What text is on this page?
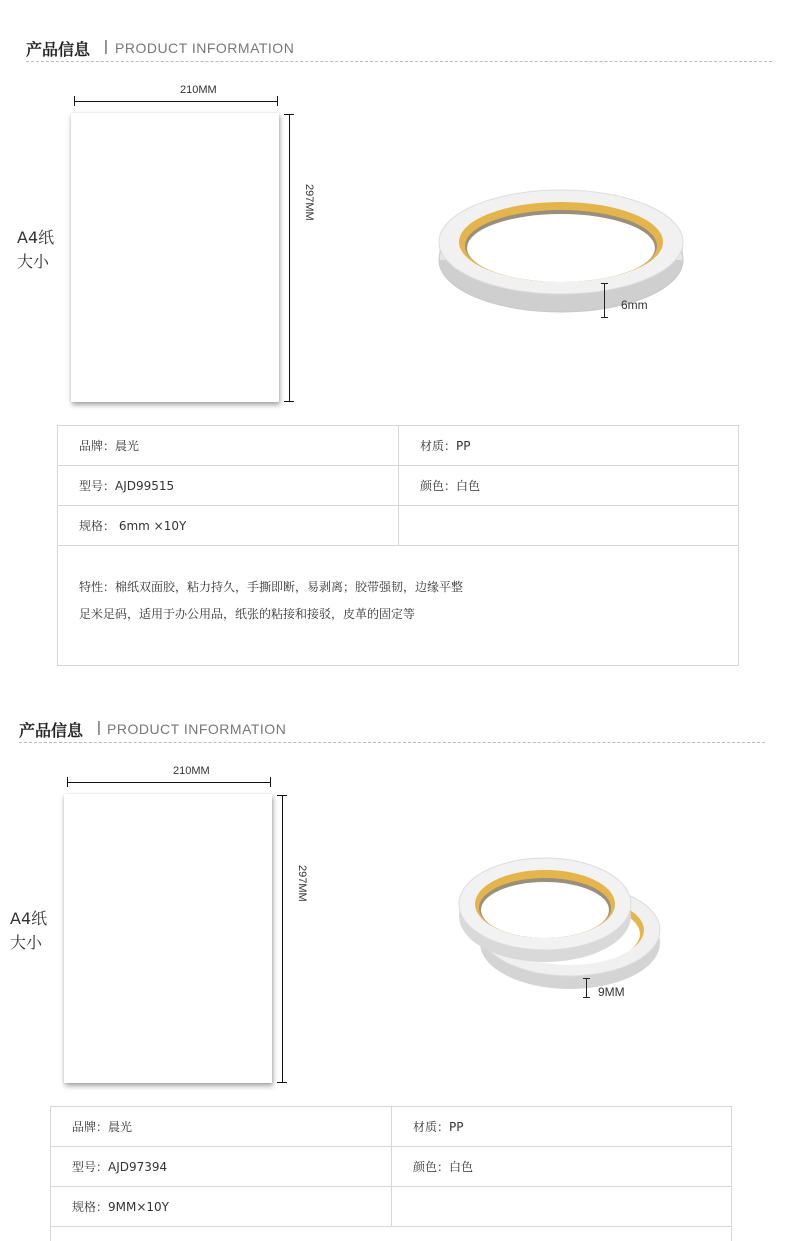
产品信息 | PRODUCT INFORMATION
A4纸
大小
210MM
297MM
6mm
品牌：晨光	材质：PP
型号：AJD99515	颜色：白色
规格： 6mm ×10Y
特性：棉纸双面胶，粘力持久，手撕即断，易剥离；胶带强韧，边缘平整
足米足码，适用于办公用品，纸张的粘接和接驳，皮革的固定等
产品信息 | PRODUCT INFORMATION
A4纸
大小
210MM
297MM
9MM
品牌：晨光	材质：PP
型号：AJD97394	颜色：白色
规格：9MM×10Y
